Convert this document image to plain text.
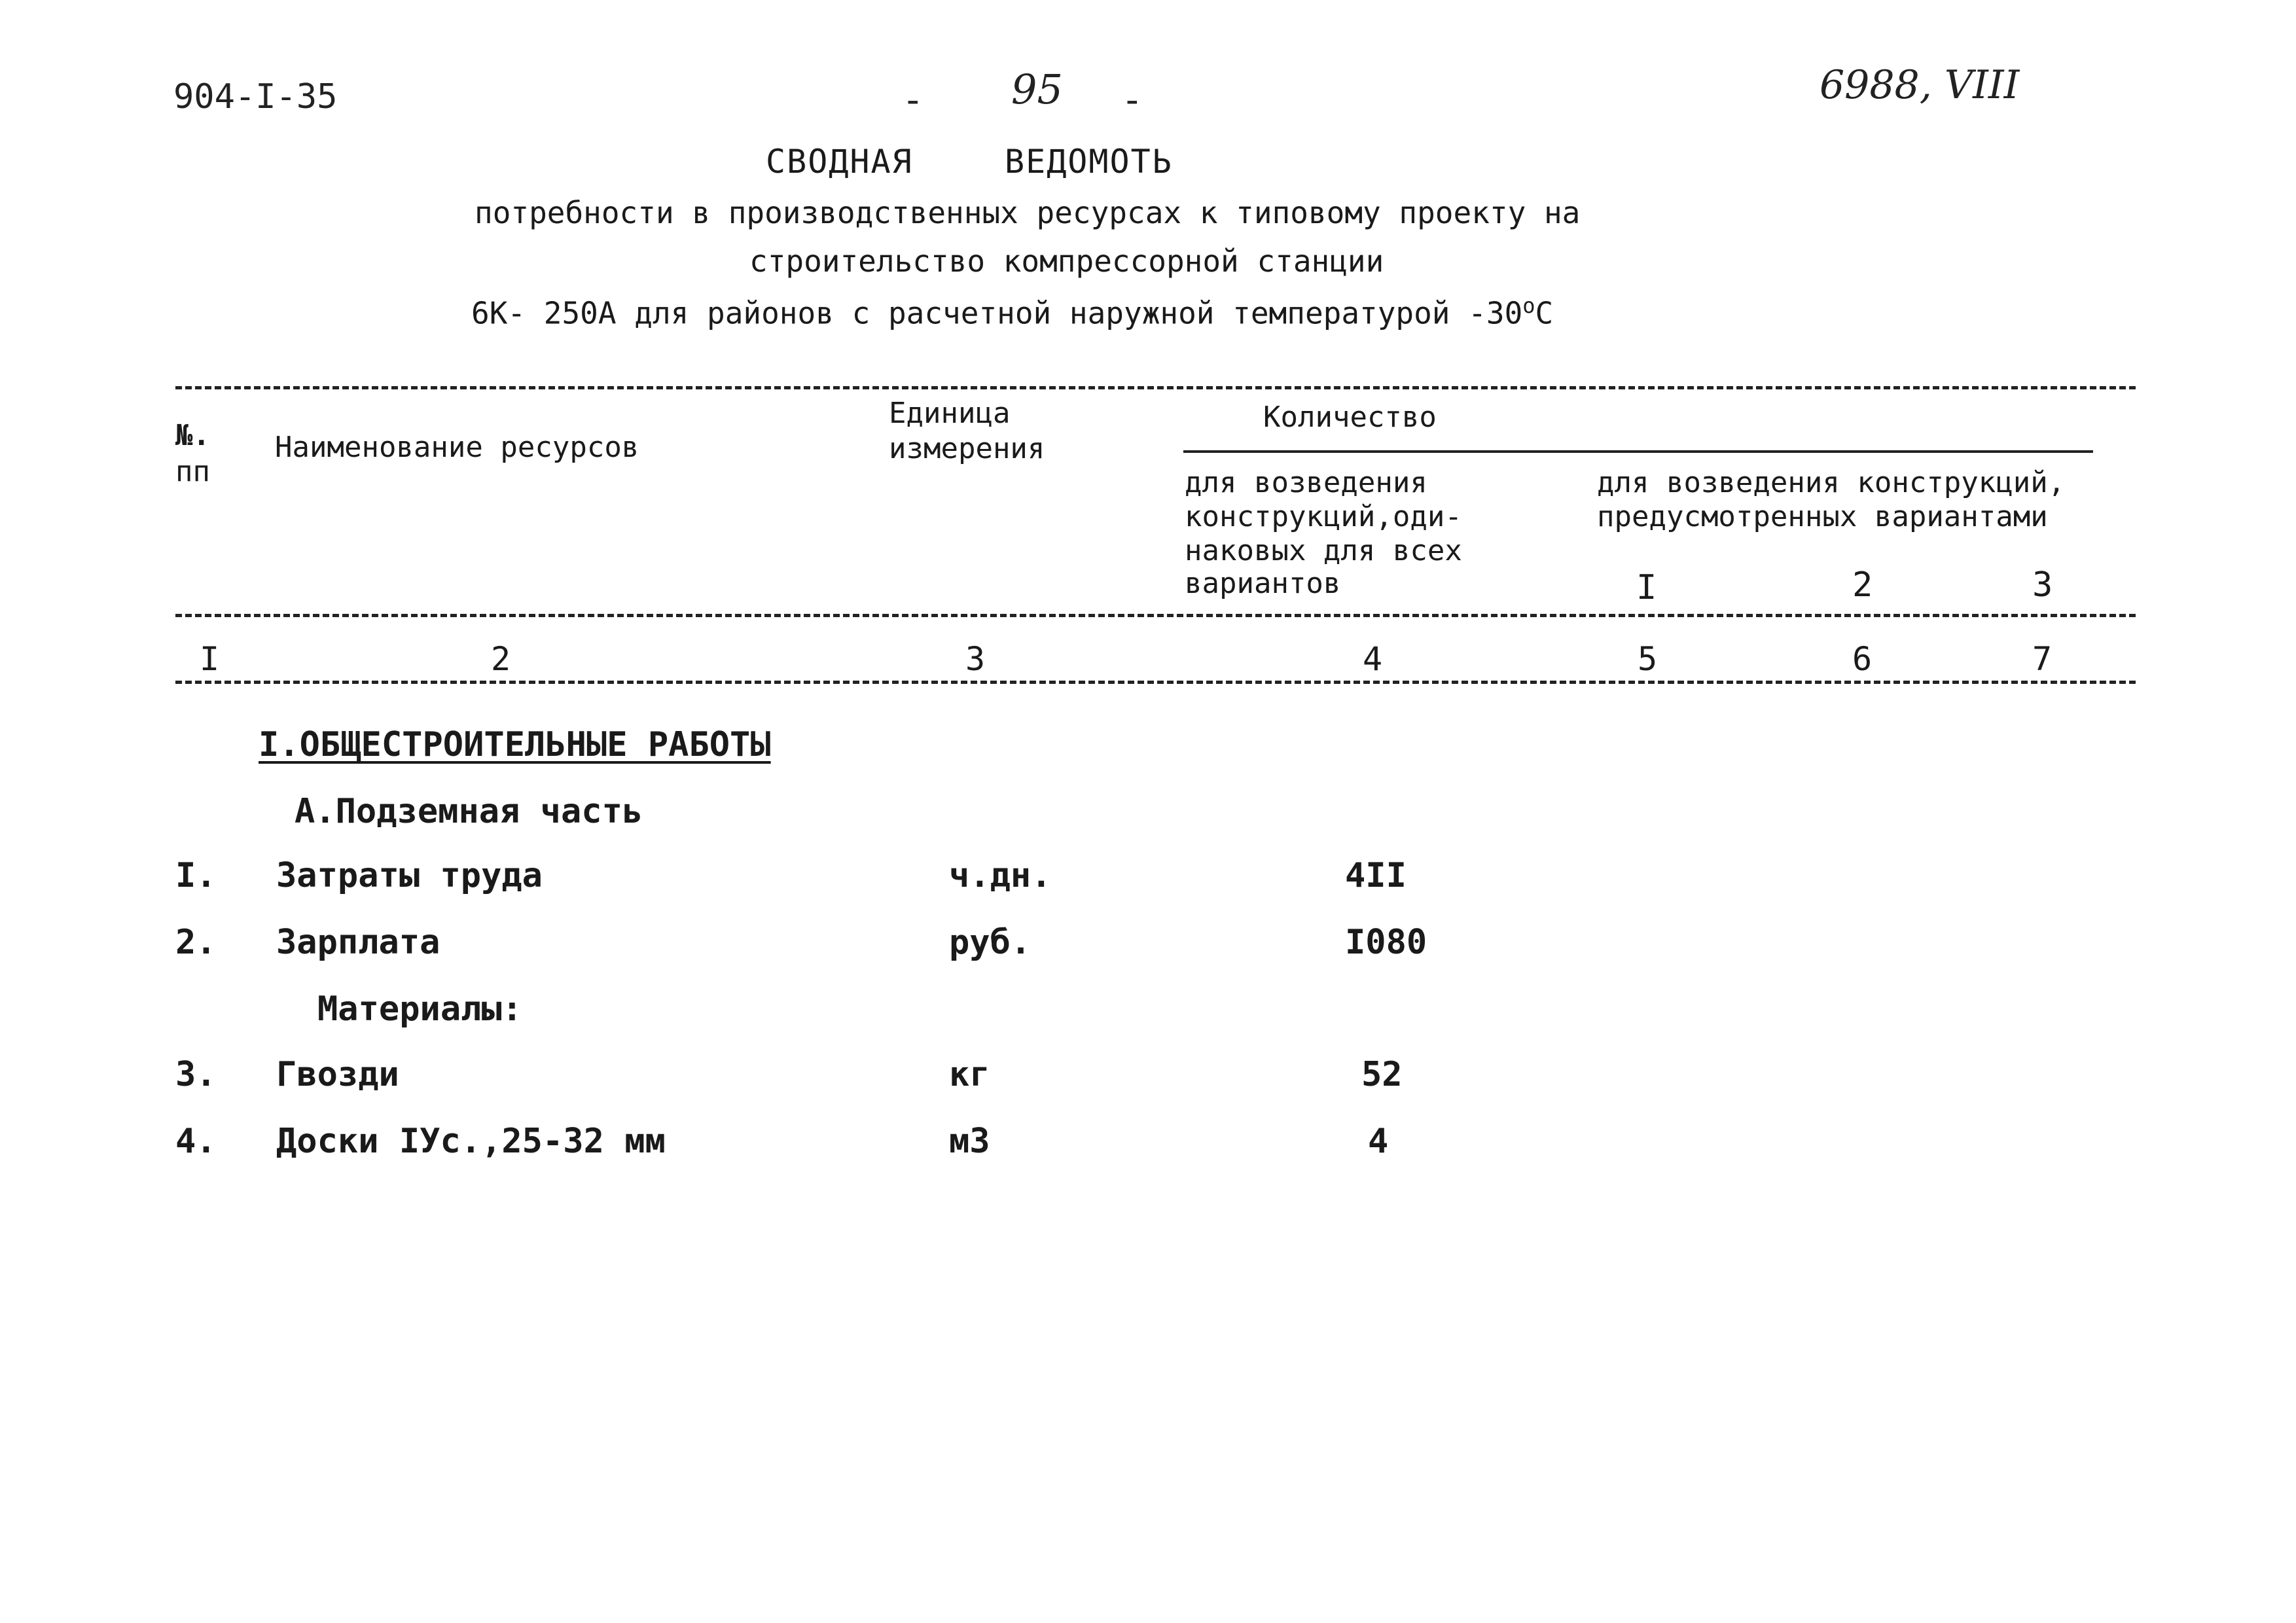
904-I-35	- 95 -	6988, VIII
СВОДНАЯ	ВЕДОМОТЬ
потребности в производственных ресурсах к типовому проекту на
строительство компрессорной станции
6К- 250А для районов с расчетной наружной температурой $-30^оС$
№.
пп
Наименование ресурсов
Единица
измерения
Количество
для возведения
конструкций,оди-
наковых для всех
вариантов
для возведения конструкций,
предусмотренных вариантами
I	2	3
I	2	3	4	5	6	7
I.ОБЩЕСТРОИТЕЛЬНЫЕ РАБОТЫ
А.Подземная часть
I. Затраты труда	ч.дн.	4II
2. Зарплата	руб.	I080
Материалы:
3. Гвозди	кг	52
4. Доски IУс.,25-32 мм	м3	4
